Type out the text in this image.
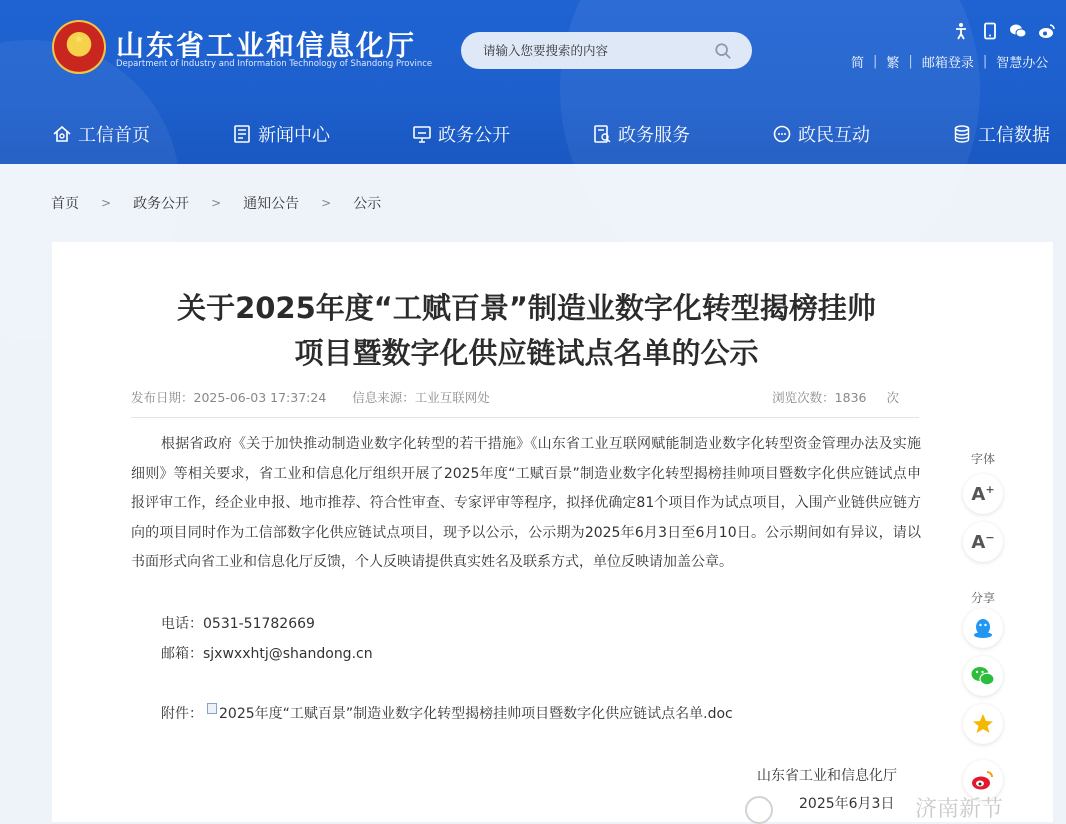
山东省工业和信息化厅
Department of Industry and Information Technology of Shandong Province
请输入您要搜索的内容	简 | 繁 | 邮箱登录 | 智慧办公
工信首页	新闻中心	政务公开	政务服务	政民互动	工信数据
首页 > 政务公开 > 通知公告 > 公示
关于2025年度“工赋百景”制造业数字化转型揭榜挂帅
项目暨数字化供应链试点名单的公示
发布日期：2025-06-03 17:37:24 信息来源：工业互联网处	浏览次数：1836 次

根据省政府《关于加快推动制造业数字化转型的若干措施》《山东省工业互联网赋能制造业数字化转型资金管理办法及实施细则》等相关要求，省工业和信息化厅组织开展了2025年度“工赋百景”制造业数字化转型揭榜挂帅项目暨数字化供应链试点申报评审工作，经企业申报、地市推荐、符合性审查、专家评审等程序，拟择优确定81个项目作为试点项目，入围产业链供应链方向的项目同时作为工信部数字化供应链试点项目，现予以公示，公示期为2025年6月3日至6月10日。公示期间如有异议，请以书面形式向省工业和信息化厅反馈，个人反映请提供真实姓名及联系方式，单位反映请加盖公章。

电话：0531-51782669
邮箱：sjxwxxhtj@shandong.cn
附件： 2025年度“工赋百景”制造业数字化转型揭榜挂帅项目暨数字化供应链试点名单.doc
山东省工业和信息化厅
2025年6月3日
字体
A+
A−
分享
济南新节
